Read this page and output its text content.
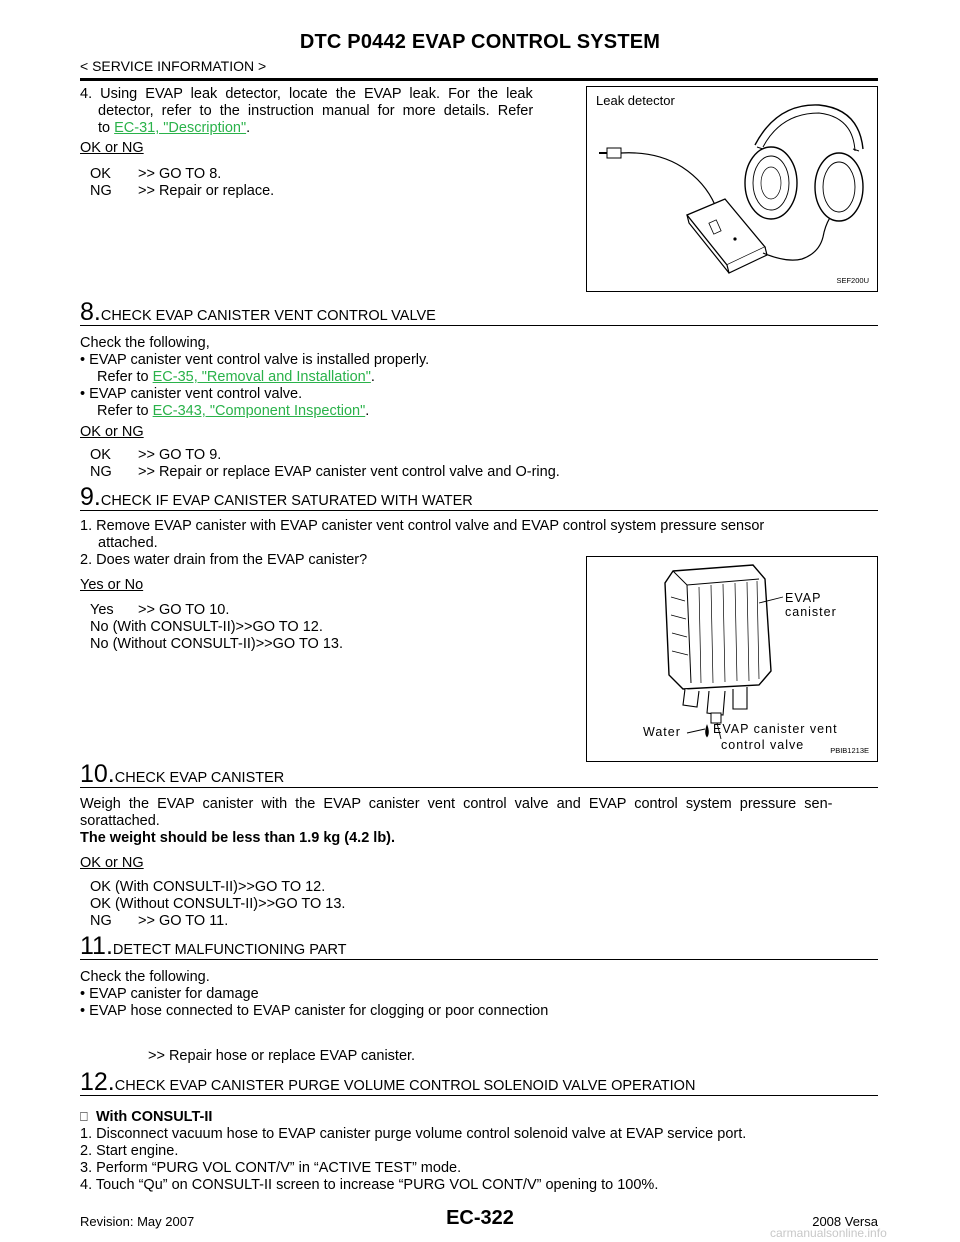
DTC P0442 EVAP CONTROL SYSTEM
< SERVICE INFORMATION >
4.  Using  EVAP  leak  detector,  locate  the  EVAP  leak.  For  the  leak
detector,  refer  to  the  instruction  manual  for  more  details.  Refer
to EC-31, "Description".
OK or NG
OK >> GO TO 8.
NG >> Repair or replace.
Leak detector
SEF200U
8.CHECK EVAP CANISTER VENT CONTROL VALVE
Check the following,
• EVAP canister vent control valve is installed properly.
Refer to EC-35, "Removal and Installation".
• EVAP canister vent control valve.
Refer to EC-343, "Component Inspection".
OK or NG
OK >> GO TO 9.
NG >> Repair or replace EVAP canister vent control valve and O-ring.
9.CHECK IF EVAP CANISTER SATURATED WITH WATER
1. Remove EVAP canister with EVAP canister vent control valve and EVAP control system pressure sensor
attached.
2. Does water drain from the EVAP canister?
Yes or No
Yes >> GO TO 10.
No (With CONSULT-II)>>GO TO 12.
No (Without CONSULT-II)>>GO TO 13.
EVAP canister
Water	EVAP canister vent
control valve	PBIB1213E
10.CHECK EVAP CANISTER
Weigh  the  EVAP  canister  with  the  EVAP  canister  vent  control  valve  and  EVAP  control  system  pressure  sen-
sorattached.
The weight should be less than 1.9 kg (4.2 lb).
OK or NG
OK (With CONSULT-II)>>GO TO 12.
OK (Without CONSULT-II)>>GO TO 13.
NG >> GO TO 11.
11.DETECT MALFUNCTIONING PART
Check the following.
• EVAP canister for damage
• EVAP hose connected to EVAP canister for clogging or poor connection
>> Repair hose or replace EVAP canister.
12.CHECK EVAP CANISTER PURGE VOLUME CONTROL SOLENOID VALVE OPERATION
⎕ With CONSULT-II
1. Disconnect vacuum hose to EVAP canister purge volume control solenoid valve at EVAP service port.
2. Start engine.
3. Perform “PURG VOL CONT/V” in “ACTIVE TEST” mode.
4. Touch “Qu” on CONSULT-II screen to increase “PURG VOL CONT/V” opening to 100%.
Revision: May 2007	EC-322	2008 Versa
carmanualsonline.info
